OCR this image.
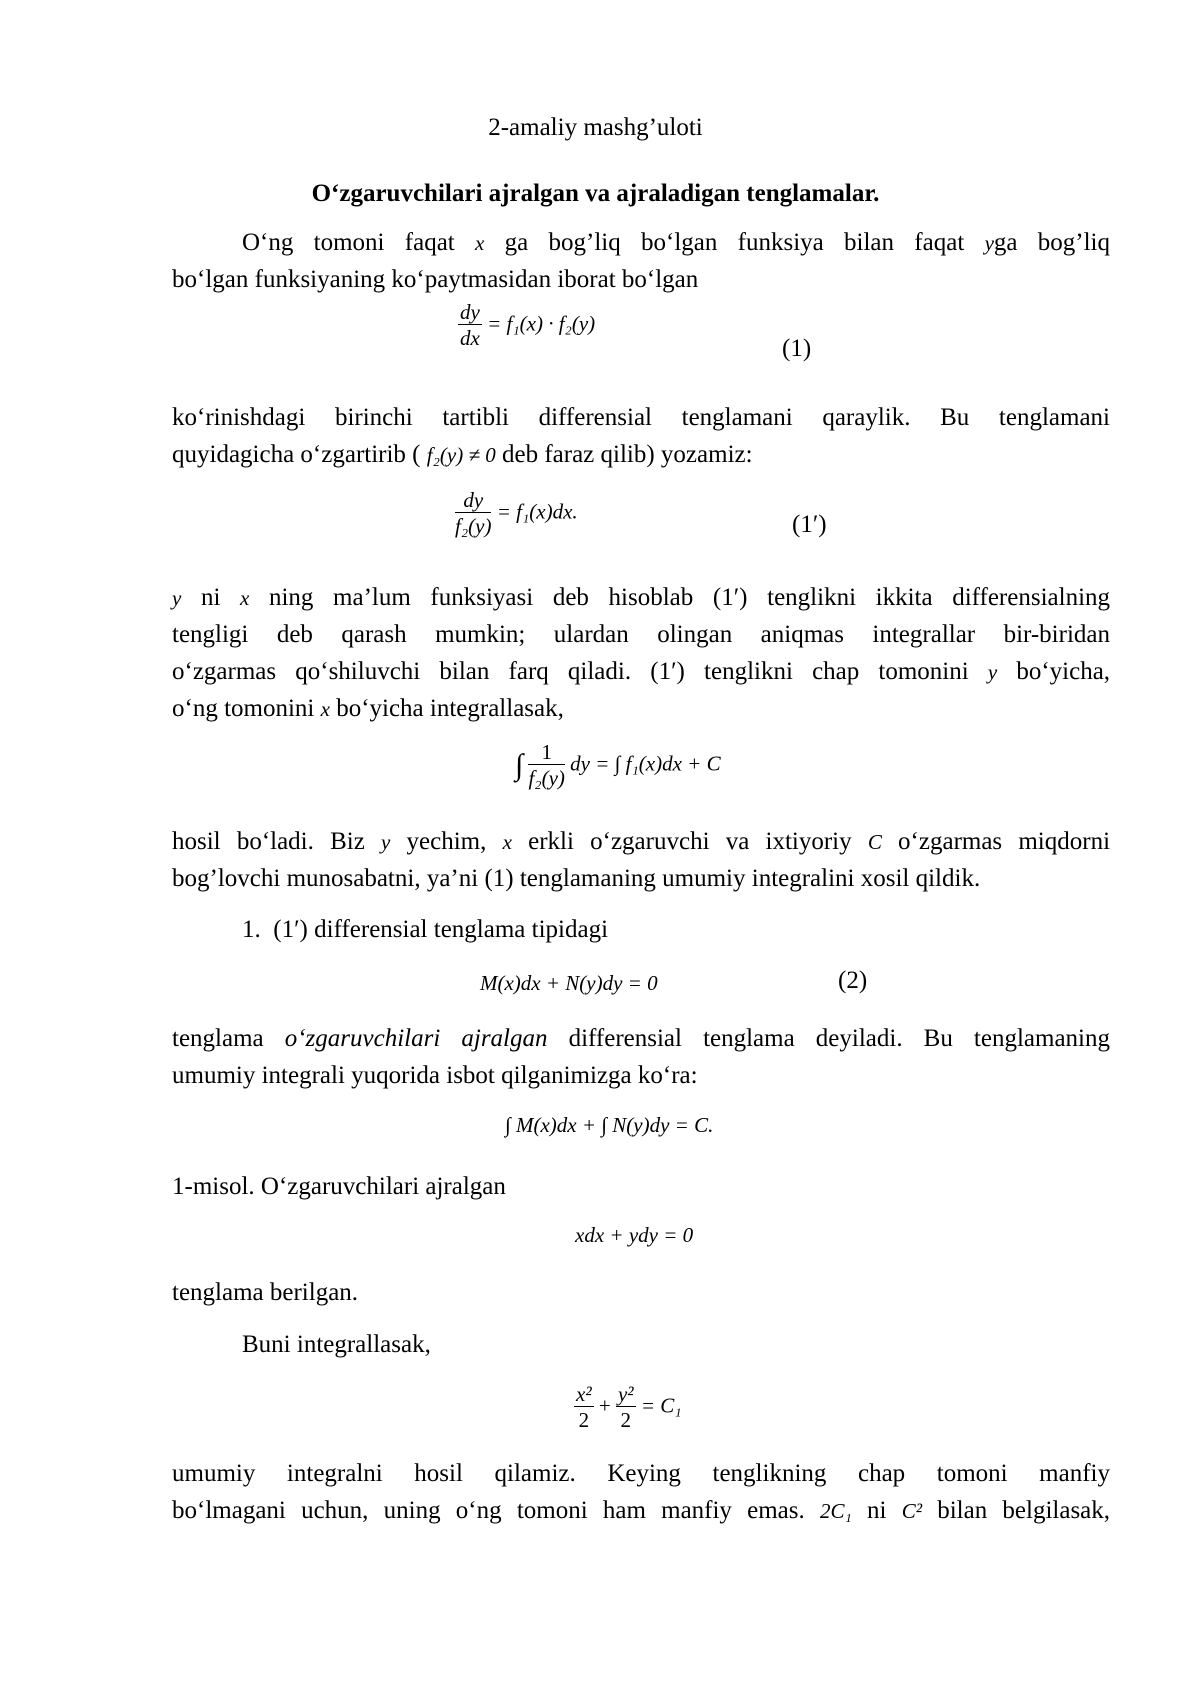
2-amaliy mashg’uloti
O‘zgaruvchilari ajralgan va ajraladigan tenglamalar.
O‘ng tomoni faqat x ga bog’liq bo‘lgan funksiya bilan faqat yga bog’liq
bo‘lgan funksiyaning ko‘paytmasidan iborat bo‘lgan
$\frac{dy}{dx} = f_1(x) \cdot f_2(y)$
(1)
ko‘rinishdagi birinchi tartibli differensial tenglamani qaraylik. Bu tenglamani
quyidagicha o‘zgartirib ( f₂(y) ≠ 0 deb faraz qilib) yozamiz:
$\frac{dy}{\text{f₂(y)}} = f_1(x)dx$.	(1′)
y ni x ning ma’lum funksiyasi deb hisoblab (1′) tenglikni ikkita differensialning
tengligi deb qarash mumkin; ulardan olingan aniqmas integrallar bir-biridan
o‘zgarmas qo‘shiluvchi bilan farq qiladi. (1′) tenglikni chap tomonini y bo‘yicha,
o‘ng tomonini x bo‘yicha integrallasak,
∫ $\frac{1}{\text{f₂(y)}}$ dy = ∫ f₁(x)dx + C
hosil bo‘ladi. Biz y yechim, x erkli o‘zgaruvchi va ixtiyoriy C o‘zgarmas miqdorni
bog’lovchi munosabatni, ya’ni (1) tenglamaning umumiy integralini xosil qildik.
1. (1′) differensial tenglama tipidagi
M(x)dx + N(y)dy = 0	(2)
tenglama o‘zgaruvchilari ajralgan differensial tenglama deyiladi. Bu tenglamaning
umumiy integrali yuqorida isbot qilganimizga ko‘ra:
∫ M(x)dx + ∫ N(y)dy = C.
1-misol. O‘zgaruvchilari ajralgan
xdx + ydy = 0
tenglama berilgan.
Buni integrallasak,
$\frac{\text{x²}}{2} + \frac{\text{y²}}{2} = C_1$
umumiy integralni hosil qilamiz. Keying tenglikning chap tomoni manfiy
bo‘lmagani uchun, uning o‘ng tomoni ham manfiy emas. 2C₁ ni C² bilan belgilasak,
